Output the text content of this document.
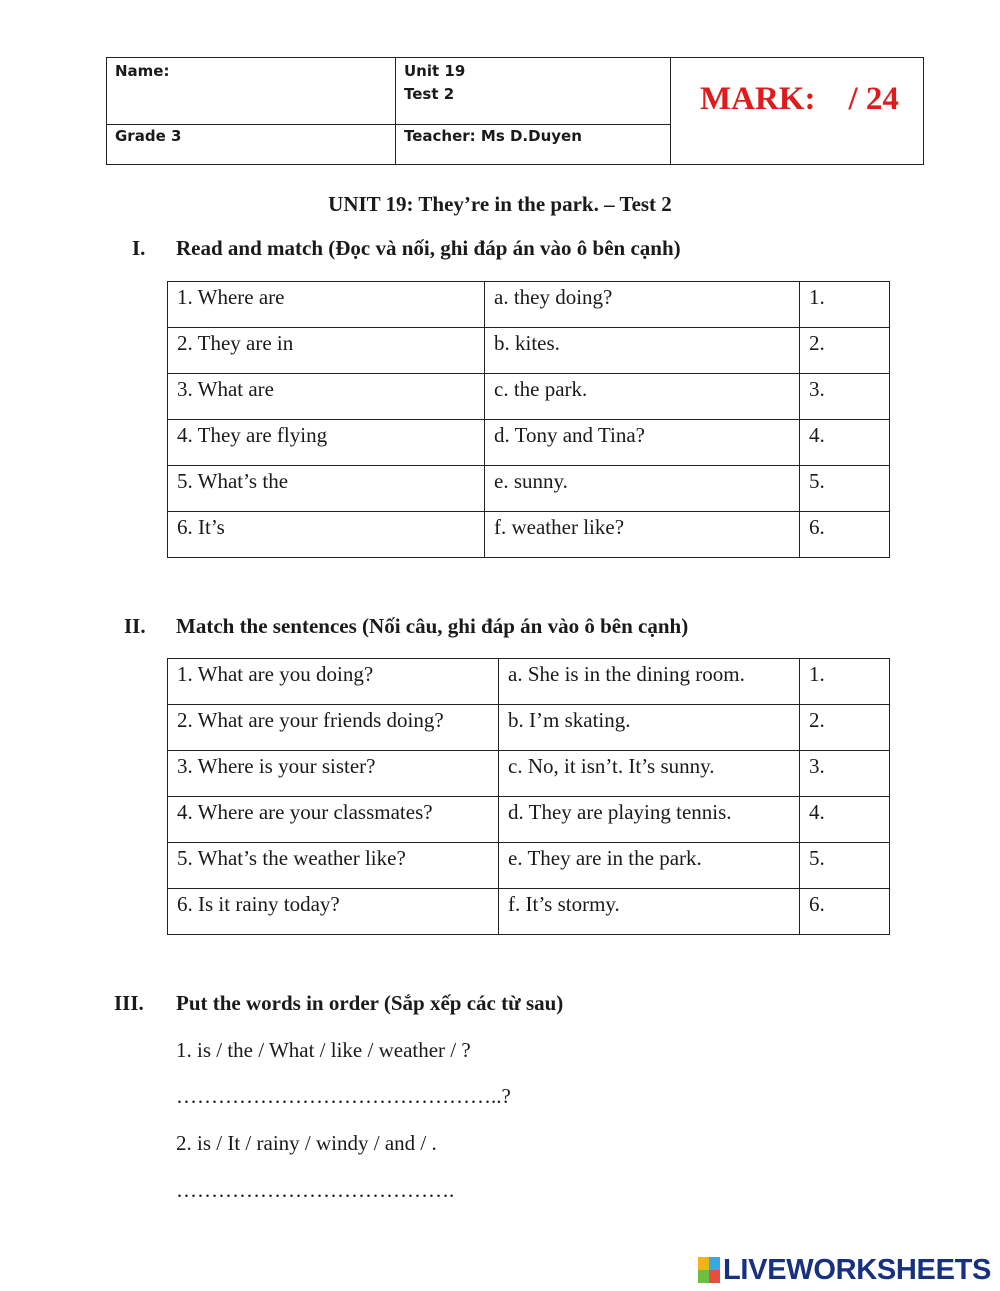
Name:	Unit 19
Test 2
Grade 3	Teacher: Ms D.Duyen
MARK:    / 24
UNIT 19: They’re in the park. – Test 2
I. Read and match (Đọc và nối, ghi đáp án vào ô bên cạnh)
1. Where are	a. they doing?	1.
2. They are in	b. kites.	2.
3. What are	c. the park.	3.
4. They are flying	d. Tony and Tina?	4.
5. What’s the	e. sunny.	5.
6. It’s	f. weather like?	6.
II. Match the sentences (Nối câu, ghi đáp án vào ô bên cạnh)
1. What are you doing?	a. She is in the dining room.	1.
2. What are your friends doing?	b. I’m skating.	2.
3. Where is your sister?	c. No, it isn’t. It’s sunny.	3.
4. Where are your classmates?	d. They are playing tennis.	4.
5. What’s the weather like?	e. They are in the park.	5.
6. Is it rainy today?	f. It’s stormy.	6.
III. Put the words in order (Sắp xếp các từ sau)
1. is / the / What / like / weather / ?
………………………………………..?
2. is / It / rainy / windy / and / .
………………………………….
LIVEWORKSHEETS
